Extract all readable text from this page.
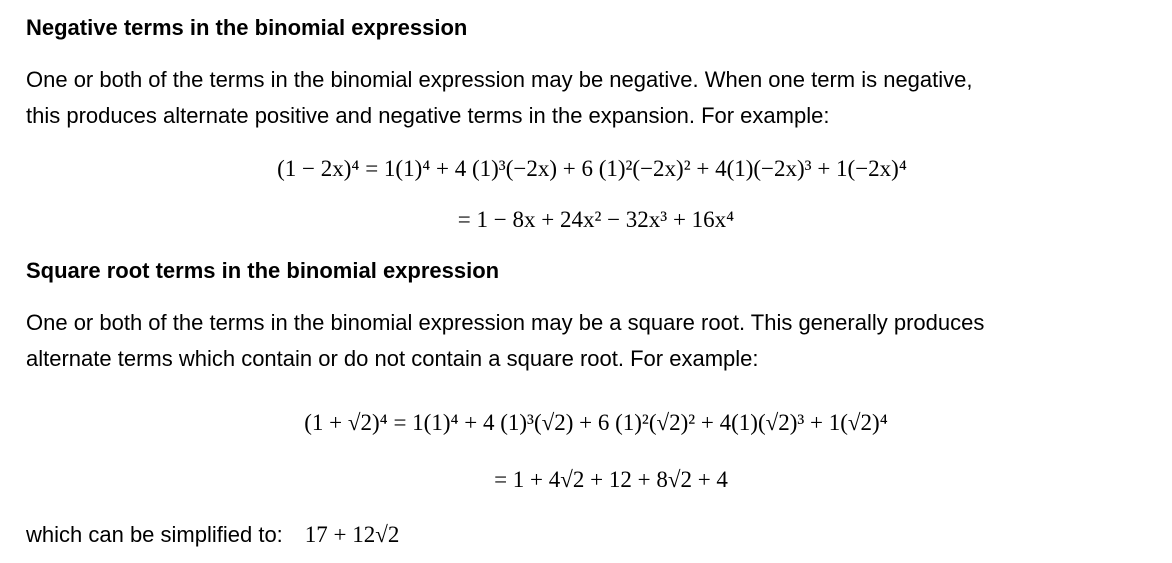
Negative terms in the binomial expression

One or both of the terms in the binomial expression may be negative. When one term is negative,

this produces alternate positive and negative terms in the expansion. For example:

(1 − 2x)⁴ = 1(1)⁴ + 4 (1)³(−2x) + 6 (1)²(−2x)² + 4(1)(−2x)³ + 1(−2x)⁴
= 1 − 8x + 24x² − 32x³ + 16x⁴
Square root terms in the binomial expression

One or both of the terms in the binomial expression may be a square root. This generally produces

alternate terms which contain or do not contain a square root. For example:

(1 + √2)⁴ = 1(1)⁴ + 4 (1)³(√2) + 6 (1)²(√2)² + 4(1)(√2)³ + 1(√2)⁴
= 1 + 4√2 + 12 + 8√2 + 4
which can be simplified to: 17 + 12√2
